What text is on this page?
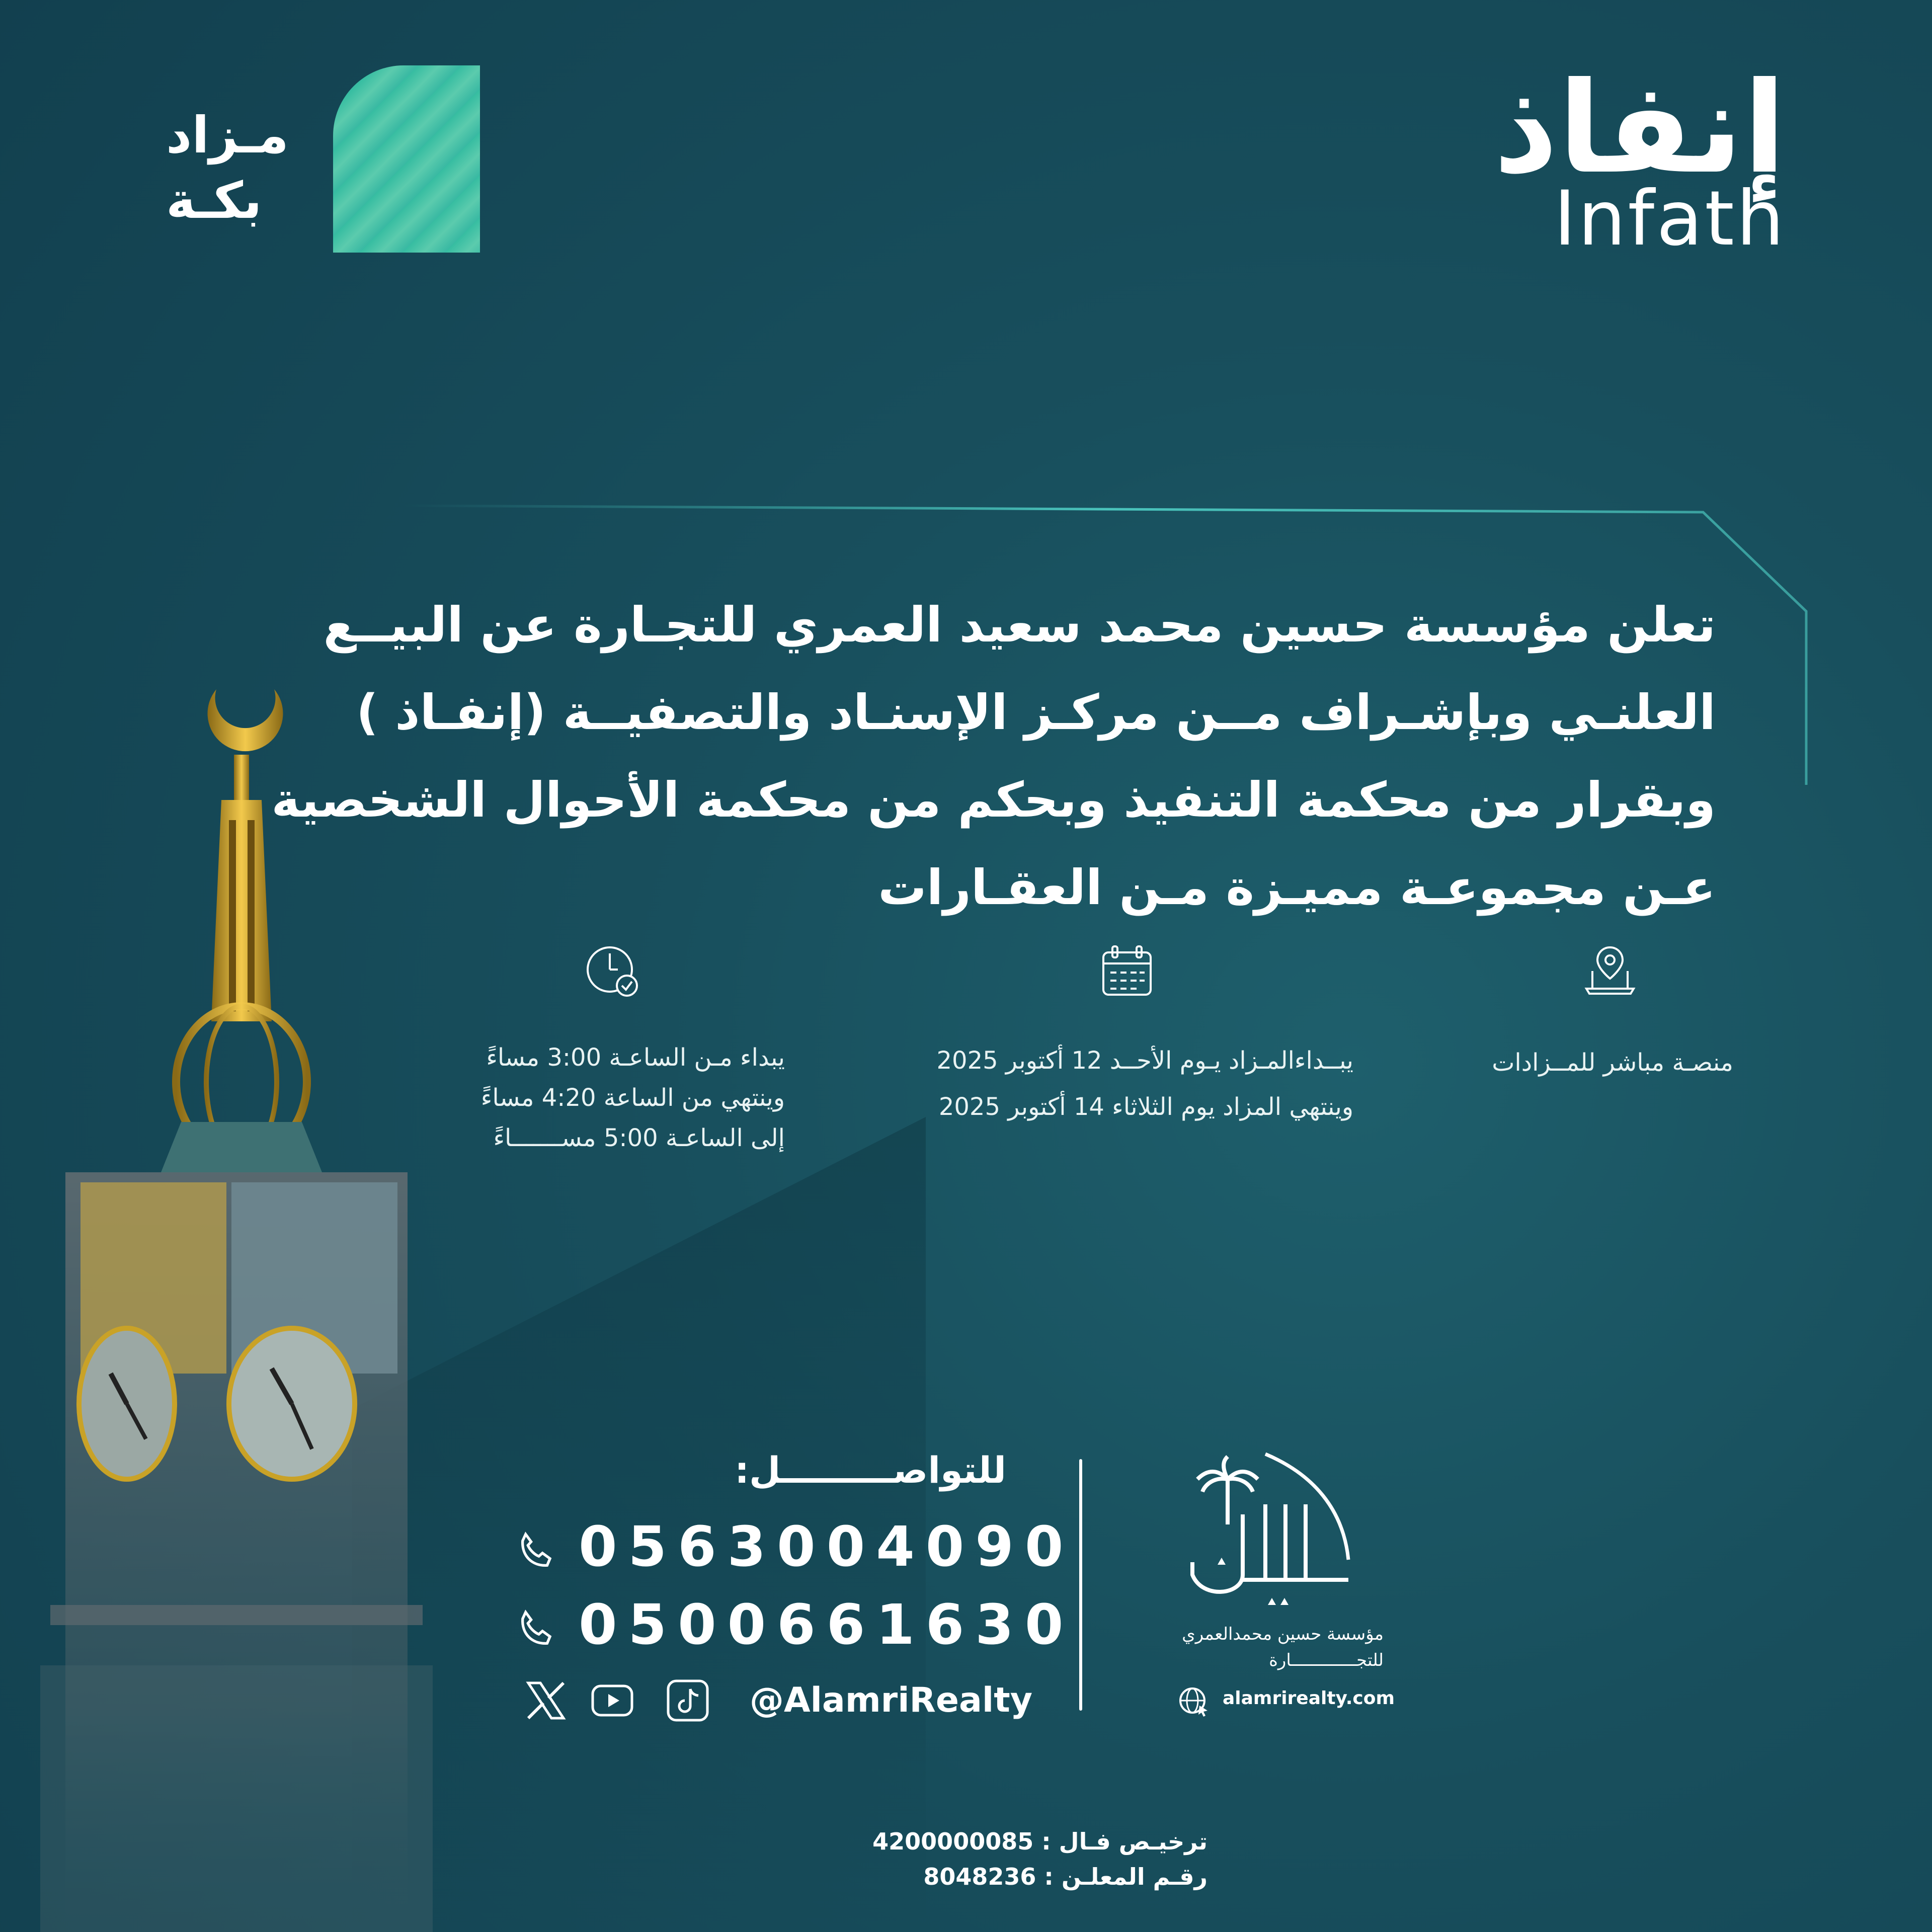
مـزاد
بكـة	إنفاذ
Infath
تعلن مؤسسة حسين محمد سعيد العمري للتجـارة عن البيــع
العلنـي وبإشـراف مــن مركـز الإسنـاد والتصفيــة (إنفـاذ )
وبقرار من محكمة التنفيذ وبحكم من محكمة الأحوال الشخصية
عـن مجموعـة مميـزة مـن العقـارات
منصـة مباشر للمــزادات
يبــداءالمـزاد يـوم الأحــد 12 أكتوبر 2025
وينتهي المزاد يوم الثلاثاء 14 أكتوبر 2025
يبداء مـن الساعـة 3:00 مساءً
وينتهي من الساعة 4:20 مساءً
إلى الساعـة 5:00 مســـــــاءً
للتواصـــــــــل:
0563004090
0500661630
@AlamriRealty
مؤسسة حسين محمدالعمري
للتجـــــــــــــارة
alamrirealty.com
ترخيـص فـال : 4200000085
رقـم المعلـن : 8048236
